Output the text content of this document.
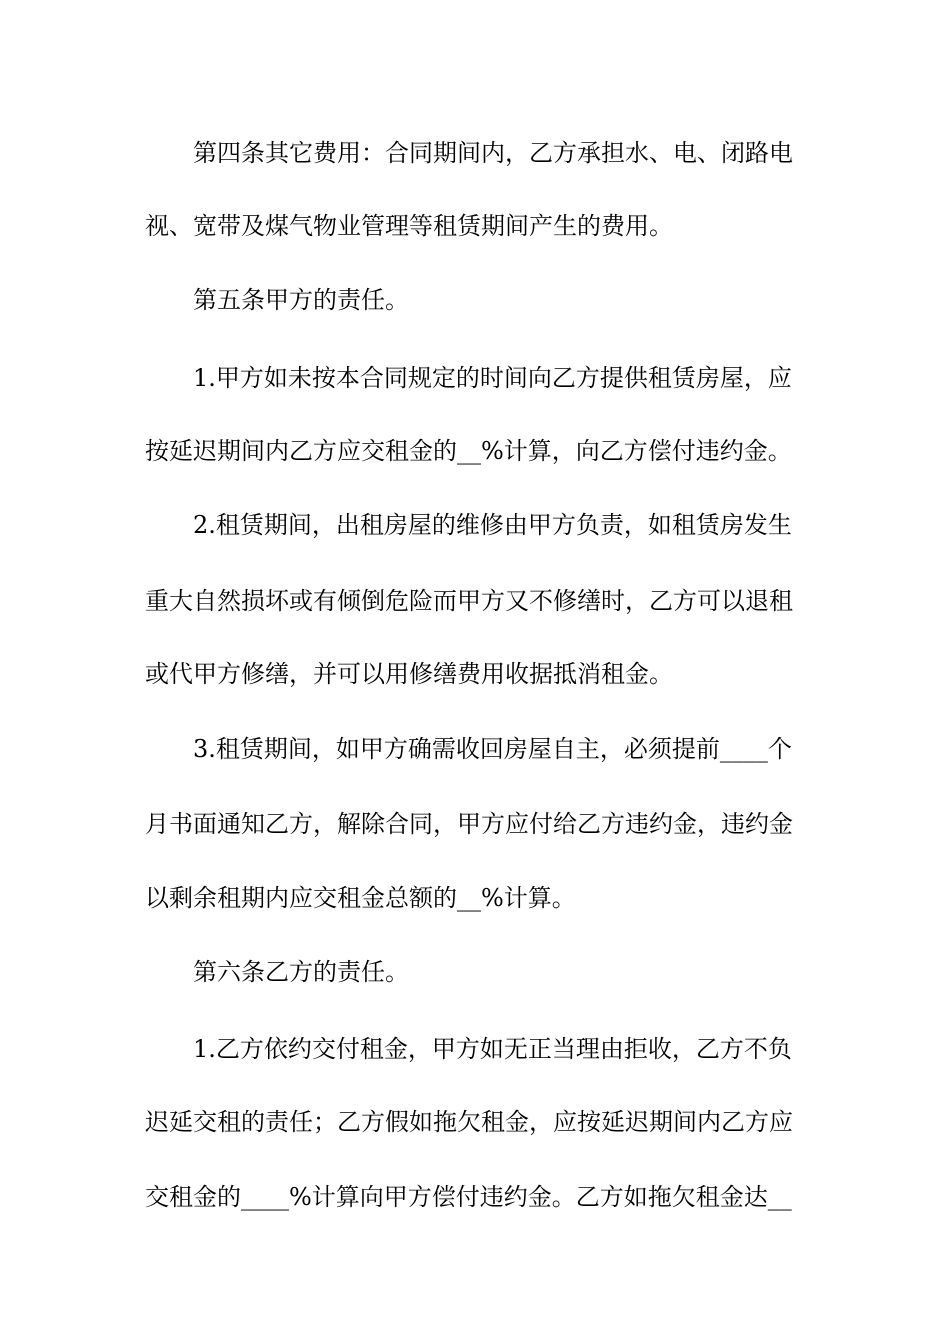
第四条其它费用：合同期间内，乙方承担水、电、闭路电
视、宽带及煤气物业管理等租赁期间产生的费用。
第五条甲方的责任。
1.甲方如未按本合同规定的时间向乙方提供租赁房屋，应
按延迟期间内乙方应交租金的__%计算，向乙方偿付违约金。
2.租赁期间，出租房屋的维修由甲方负责，如租赁房发生
重大自然损坏或有倾倒危险而甲方又不修缮时，乙方可以退租
或代甲方修缮，并可以用修缮费用收据抵消租金。
3.租赁期间，如甲方确需收回房屋自主，必须提前____个
月书面通知乙方，解除合同，甲方应付给乙方违约金，违约金
以剩余租期内应交租金总额的__%计算。
第六条乙方的责任。
1.乙方依约交付租金，甲方如无正当理由拒收，乙方不负
迟延交租的责任；乙方假如拖欠租金，应按延迟期间内乙方应
交租金的____%计算向甲方偿付违约金。乙方如拖欠租金达__
